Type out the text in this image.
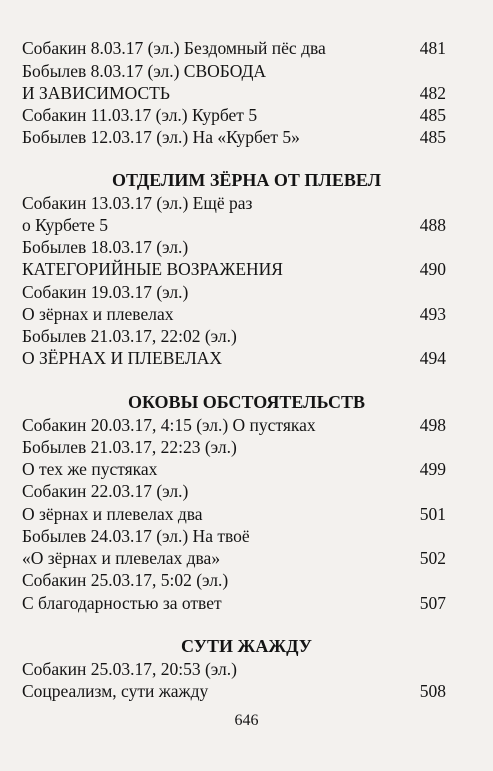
Собакин 8.03.17 (эл.) Бездомный пёс два	481
Бобылев 8.03.17 (эл.) СВОБОДА
И ЗАВИСИМОСТЬ	482
Собакин 11.03.17 (эл.) Курбет 5	485
Бобылев 12.03.17 (эл.) На «Курбет 5»	485
ОТДЕЛИМ ЗЁРНА ОТ ПЛЕВЕЛ
Собакин 13.03.17 (эл.) Ещё раз
о Курбете 5	488
Бобылев 18.03.17 (эл.)
КАТЕГОРИЙНЫЕ ВОЗРАЖЕНИЯ	490
Собакин 19.03.17 (эл.)
О зёрнах и плевелах	493
Бобылев 21.03.17, 22:02 (эл.)
О ЗЁРНАХ И ПЛЕВЕЛАХ	494
ОКОВЫ ОБСТОЯТЕЛЬСТВ
Собакин 20.03.17, 4:15 (эл.) О пустяках	498
Бобылев 21.03.17, 22:23 (эл.)
О тех же пустяках	499
Собакин 22.03.17 (эл.)
О зёрнах и плевелах два	501
Бобылев 24.03.17 (эл.) На твоё
«О зёрнах и плевелах два»	502
Собакин 25.03.17, 5:02 (эл.)
С благодарностью за ответ	507
СУТИ ЖАЖДУ
Собакин 25.03.17, 20:53 (эл.)
Соцреализм, сути жажду	508
646
